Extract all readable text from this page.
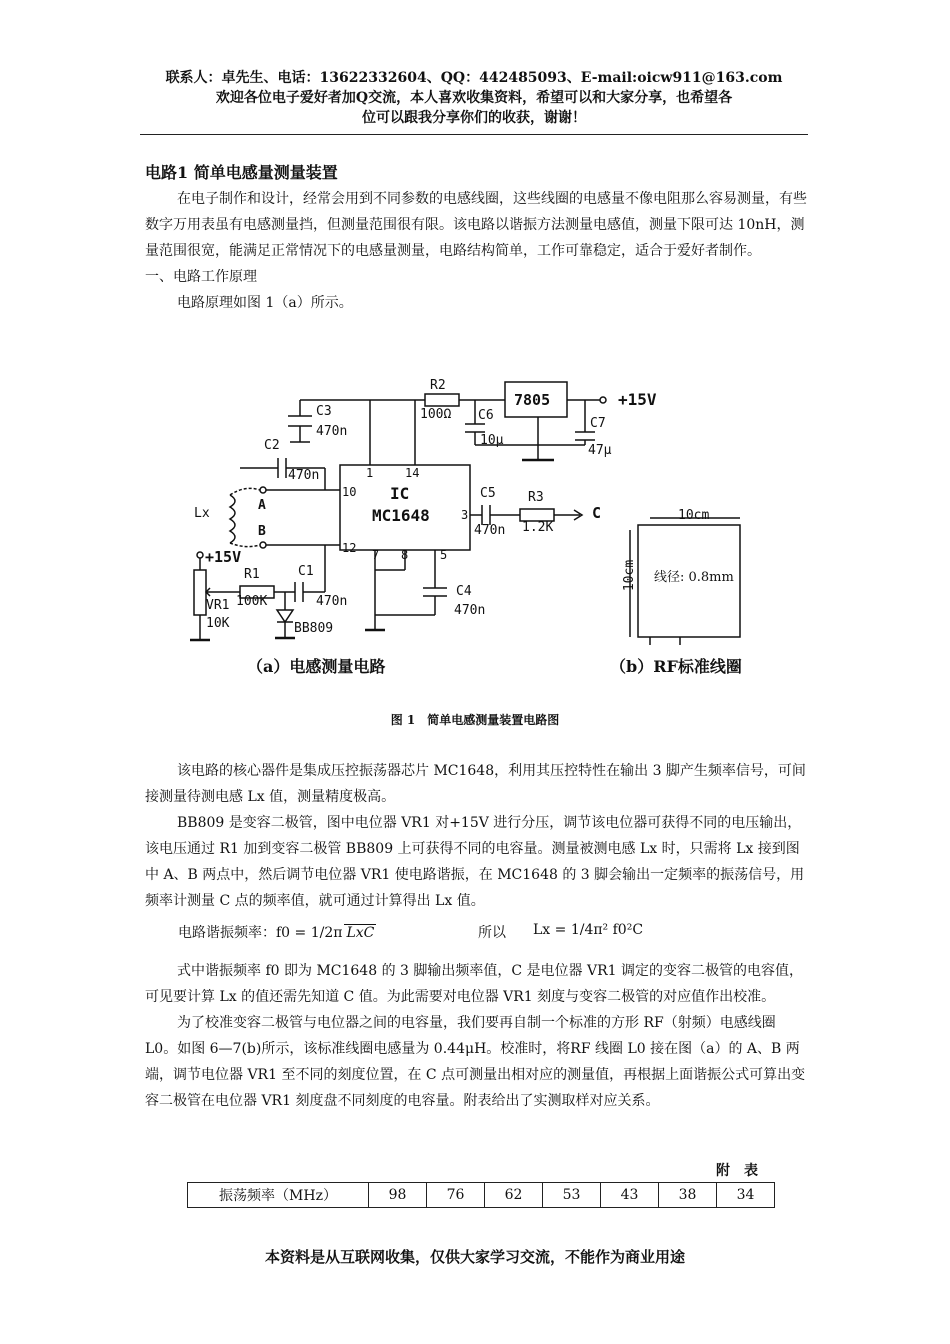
联系人：卓先生、电话：13622332604、QQ：442485093、E-mail:oicw911@163.com
欢迎各位电子爱好者加Q交流，本人喜欢收集资料，希望可以和大家分享，也希望各
位可以跟我分享你们的收获，谢谢！
电路1 简单电感量测量装置

在电子制作和设计，经常会用到不同参数的电感线圈，这些线圈的电感量不像电阻那么容易测量，有些数字万用表虽有电感测量挡，但测量范围很有限。该电路以谐振方法测量电感值，测量下限可达 10nH，测量范围很宽，能满足正常情况下的电感量测量，电路结构简单，工作可靠稳定，适合于爱好者制作。

一、电路工作原理

电路原理如图 1（a）所示。

R2
100Ω
7805	+15V
C3
470n
C6
10μ
C7
47μ
C2
470n
IC
MC1648
1	14
10
12
3
7 8	5
A
B
Lx
C5
470n
R3
1.2K
C
+15V
R1
100K
C1
470n
VR1
10K	BB809
C4
470n
10cm
10cm 线径: 0.8mm
（a）电感测量电路	（b）RF标准线圈
图 1　简单电感测量装置电路图

该电路的核心器件是集成压控振荡器芯片 MC1648，利用其压控特性在输出 3 脚产生频率信号，可间接测量待测电感 Lx 值，测量精度极高。

BB809 是变容二极管，图中电位器 VR1 对+15V 进行分压，调节该电位器可获得不同的电压输出，该电压通过 R1 加到变容二极管 BB809 上可获得不同的电容量。测量被测电感 Lx 时，只需将 Lx 接到图中 A、B 两点中，然后调节电位器 VR1 使电路谐振，在 MC1648 的 3 脚会输出一定频率的振荡信号，用频率计测量 C 点的频率值，就可通过计算得出 Lx 值。

电路谐振频率：f0 = 1/2π LxC	所以 Lx = 1/4π² f0²C

式中谐振频率 f0 即为 MC1648 的 3 脚输出频率值，C 是电位器 VR1 调定的变容二极管的电容值，可见要计算 Lx 的值还需先知道 C 值。为此需要对电位器 VR1 刻度与变容二极管的对应值作出校准。

为了校准变容二极管与电位器之间的电容量，我们要再自制一个标准的方形 RF（射频）电感线圈 L0。如图 6—7(b)所示，该标准线圈电感量为 0.44μH。校准时，将RF 线圈 L0 接在图（a）的 A、B 两端，调节电位器 VR1 至不同的刻度位置，在 C 点可测量出相对应的测量值，再根据上面谐振公式可算出变容二极管在电位器 VR1 刻度盘不同刻度的电容量。附表给出了实测取样对应关系。

附　表
振荡频率（MHz）	98	76	62	53	43	38	34
本资料是从互联网收集，仅供大家学习交流，不能作为商业用途
